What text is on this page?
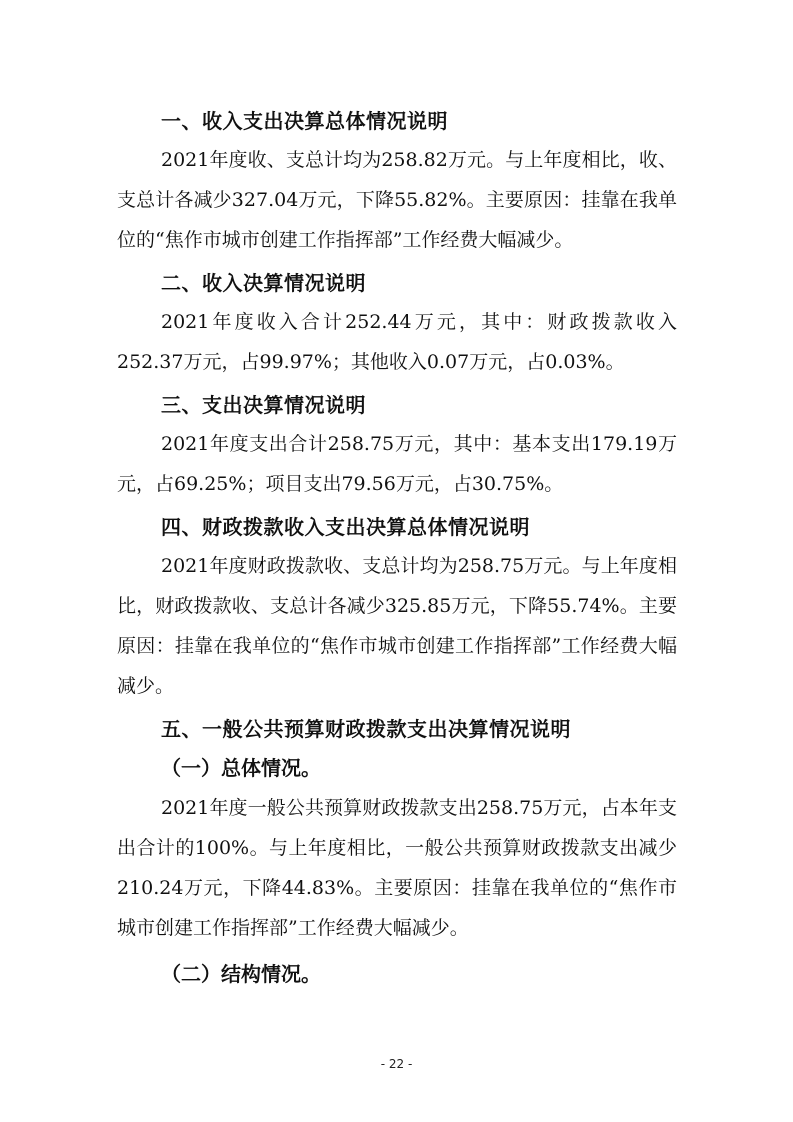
一、收入支出决算总体情况说明

2021年度收、支总计均为258.82万元。与上年度相比，收、支总计各减少327.04万元，下降55.82%。主要原因：挂靠在我单位的“焦作市城市创建工作指挥部”工作经费大幅减少。

二、收入决算情况说明

2021年度收入合计252.44万元，其中：财政拨款收入252.37万元，占99.97%；其他收入0.07万元，占0.03%。

三、支出决算情况说明

2021年度支出合计258.75万元，其中：基本支出179.19万元，占69.25%；项目支出79.56万元，占30.75%。

四、财政拨款收入支出决算总体情况说明

2021年度财政拨款收、支总计均为258.75万元。与上年度相比，财政拨款收、支总计各减少325.85万元，下降55.74%。主要原因：挂靠在我单位的“焦作市城市创建工作指挥部”工作经费大幅减少。

五、一般公共预算财政拨款支出决算情况说明
（一）总体情况。

2021年度一般公共预算财政拨款支出258.75万元，占本年支出合计的100%。与上年度相比，一般公共预算财政拨款支出减少210.24万元，下降44.83%。主要原因：挂靠在我单位的“焦作市城市创建工作指挥部”工作经费大幅减少。

（二）结构情况。
- 22 -
